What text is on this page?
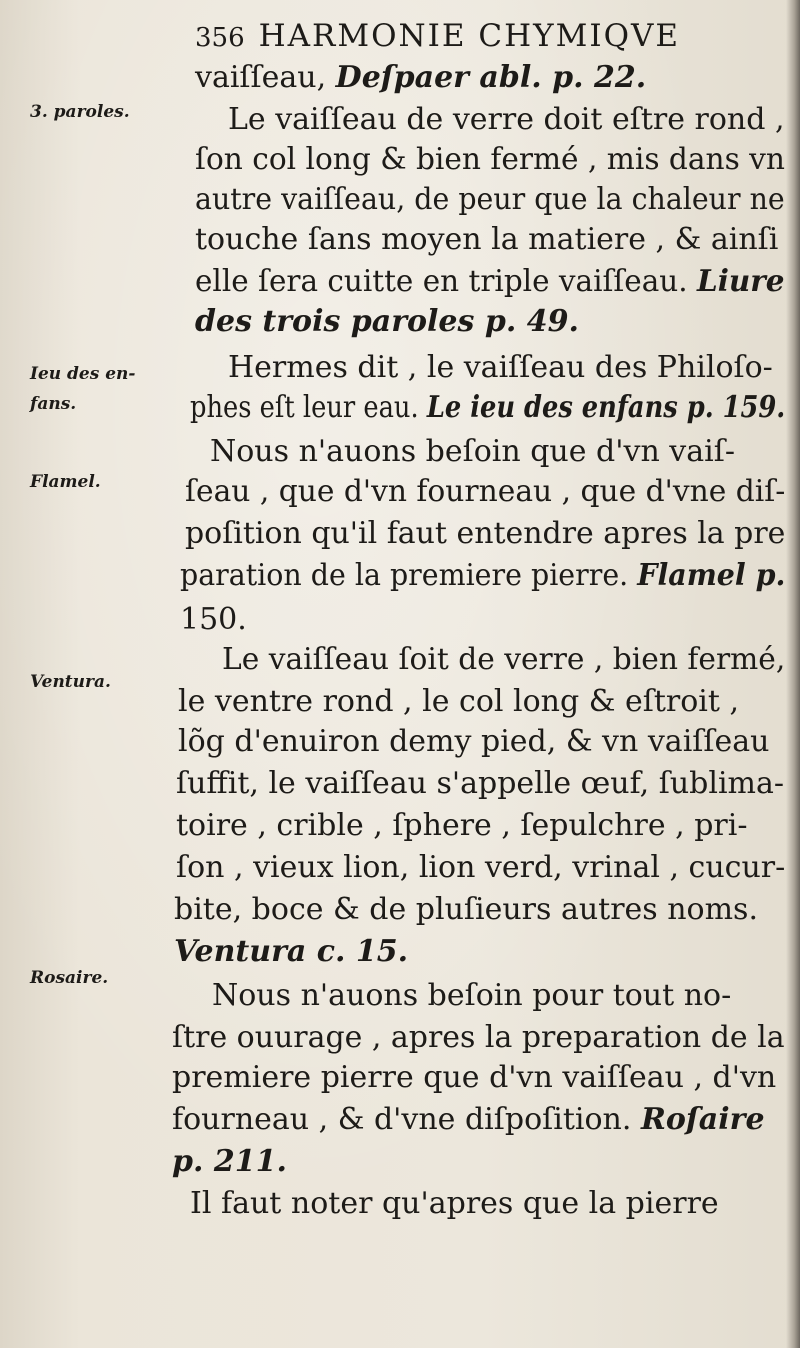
356 HARMONIE CHYMIQVE
3. paroles.
Ieu des en-
fans.
Flamel.
Ventura.
Rosaire.
vaiſſeau, Deſpaer abl. p. 22.
Le vaiſſeau de verre doit eſtre rond ,
ſon col long & bien fermé , mis dans vn
autre vaiſſeau, de peur que la chaleur ne
touche ſans moyen la matiere , & ainſi
elle ſera cuitte en triple vaiſſeau. Liure
des trois paroles p. 49.
Hermes dit , le vaiſſeau des Philoſo-
phes eſt leur eau. Le ieu des enfans p. 159.
Nous n'auons beſoin que d'vn vaiſ-
ſeau , que d'vn fourneau , que d'vne diſ-
poſition qu'il faut entendre apres la pre
paration de la premiere pierre. Flamel p.
150.
Le vaiſſeau ſoit de verre , bien fermé,
le ventre rond , le col long & eſtroit ,
lõg d'enuiron demy pied, & vn vaiſſeau
ſuffit, le vaiſſeau s'appelle œuf, ſublima-
toire , crible , ſphere , ſepulchre , pri-
ſon , vieux lion, lion verd, vrinal , cucur-
bite, boce & de pluſieurs autres noms.
Ventura c. 15.
Nous n'auons beſoin pour tout no-
ſtre ouurage , apres la preparation de la
premiere pierre que d'vn vaiſſeau , d'vn
fourneau , & d'vne diſpoſition. Roſaire
p. 211.
Il faut noter qu'apres que la pierre
